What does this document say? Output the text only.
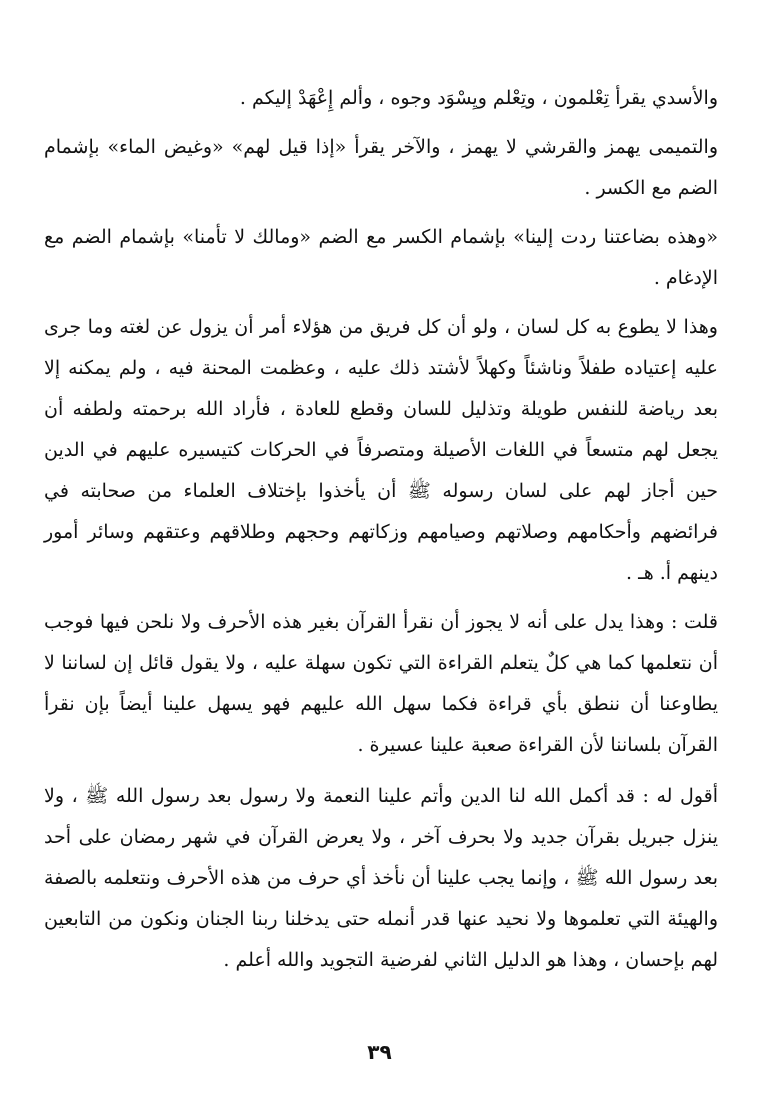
والأسدي يقرأ تِعْلمون ، وتِعْلم ويِسْوَد وجوه ، وألم إِعْهَدْ إليكم .

والتميمى يهمز والقرشي لا يهمز ، والآخر يقرأ «إذا قيل لهم» «وغيض الماء» بإشمام الضم مع الكسر .

«وهذه بضاعتنا ردت إلينا» بإشمام الكسر مع الضم «ومالك لا تأمنا» بإشمام الضم مع الإدغام .

وهذا لا يطوع به كل لسان ، ولو أن كل فريق من هؤلاء أمر أن يزول عن لغته وما جرى عليه إعتياده طفلاً وناشئاً وكهلاً لأشتد ذلك عليه ، وعظمت المحنة فيه ، ولم يمكنه إلا بعد رياضة للنفس طويلة وتذليل للسان وقطع للعادة ، فأراد الله برحمته ولطفه أن يجعل لهم متسعاً في اللغات الأصيلة ومتصرفاً في الحركات كتيسيره عليهم في الدين حين أجاز لهم على لسان رسوله ﷺ أن يأخذوا بإختلاف العلماء من صحابته في فرائضهم وأحكامهم وصلاتهم وصيامهم وزكاتهم وحجهم وطلاقهم وعتقهم وسائر أمور دينهم أ. هـ .

قلت : وهذا يدل على أنه لا يجوز أن نقرأ القرآن بغير هذه الأحرف ولا نلحن فيها فوجب أن نتعلمها كما هي كلٌ يتعلم القراءة التي تكون سهلة عليه ، ولا يقول قائل إن لساننا لا يطاوعنا أن ننطق بأي قراءة فكما سهل الله عليهم فهو يسهل علينا أيضاً بإن نقرأ القرآن بلساننا لأن القراءة صعبة علينا عسيرة .

أقول له : قد أكمل الله لنا الدين وأتم علينا النعمة ولا رسول بعد رسول الله ﷺ ، ولا ينزل جبريل بقرآن جديد ولا بحرف آخر ، ولا يعرض القرآن في شهر رمضان على أحد بعد رسول الله ﷺ ، وإنما يجب علينا أن نأخذ أي حرف من هذه الأحرف ونتعلمه بالصفة والهيئة التي تعلموها ولا نحيد عنها قدر أنمله حتى يدخلنا ربنا الجنان ونكون من التابعين لهم بإحسان ، وهذا هو الدليل الثاني لفرضية التجويد والله أعلم .

٣٩
